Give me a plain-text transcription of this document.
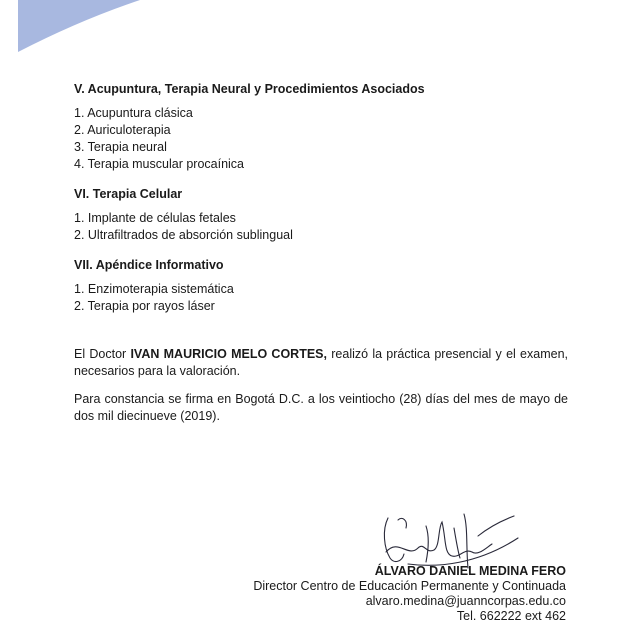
V. Acupuntura, Terapia Neural y Procedimientos Asociados
1. Acupuntura clásica
2. Auriculoterapia
3. Terapia neural
4. Terapia muscular procaínica
VI. Terapia Celular
1. Implante de células fetales
2. Ultrafiltrados de absorción sublingual
VII. Apéndice Informativo
1. Enzimoterapia sistemática
2. Terapia por rayos láser

El Doctor IVAN MAURICIO MELO CORTES, realizó la práctica presencial y el examen, necesarios para la valoración.

Para constancia se firma en Bogotá D.C. a los veintiocho (28) días del mes de mayo de dos mil diecinueve (2019).

ÁLVARO DANIEL MEDINA FERO
Director Centro de Educación Permanente y Continuada
alvaro.medina@juanncorpas.edu.co
Tel. 662222 ext 462
